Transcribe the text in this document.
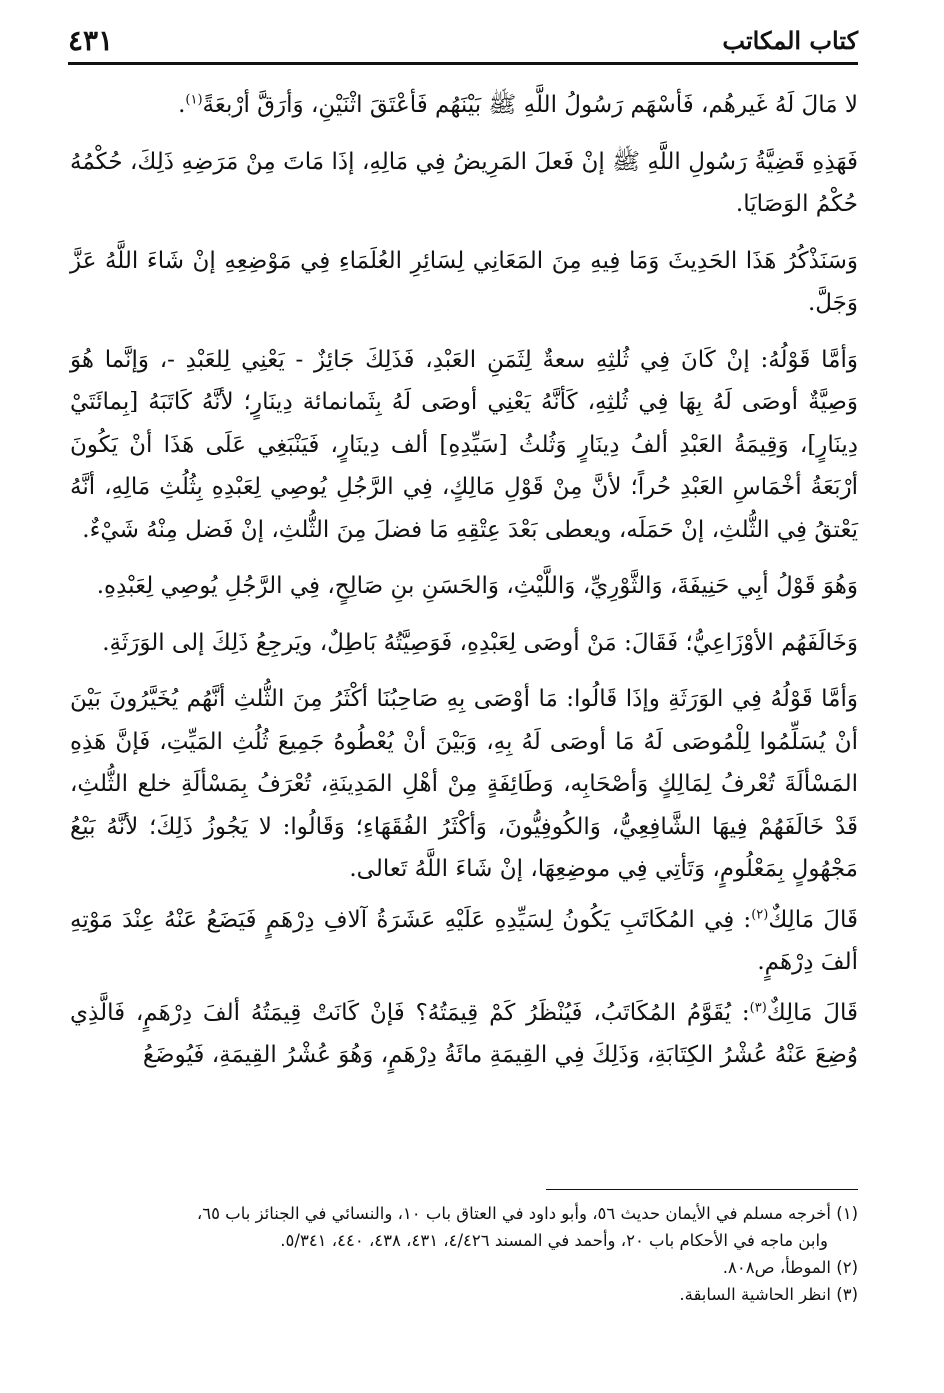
كتاب المكاتب
٤٣١

لا مَالَ لَهُ غَيرهُم، فَأسْهَم رَسُولُ اللَّهِ ﷺ بَيْنَهُم فَأعْتَقَ اثْنَيْنِ، وَأرَقَّ أرْبعَةً$^{(١)}$.

فَهَذِهِ قَضِيَّةُ رَسُولِ اللَّهِ ﷺ إنْ فَعلَ المَرِيضُ فِي مَالِهِ، إذَا مَاتَ مِنْ مَرَضِهِ ذَلِكَ، حُكْمُهُ حُكْمُ الوَصَايَا.

وَسَنَذْكُرُ هَذَا الحَدِيثَ وَمَا فِيهِ مِنَ المَعَانِي لِسَائِرِ العُلَمَاءِ فِي مَوْضِعِهِ إنْ شَاءَ اللَّهُ عَزَّ وَجَلَّ.

وَأمَّا قَوْلُهُ: إنْ كَانَ فِي ثُلثِهِ سعةٌ لِثَمَنِ العَبْدِ، فَذَلِكَ جَائِزٌ - يَعْنِي لِلعَبْدِ -، وَإنَّما هُوَ وَصِيَّةٌ أوصَى لَهُ بِهَا فِي ثُلثِهِ، كَأنَّهُ يَعْنِي أوصَى لَهُ بِثَمانمائة دِينَارٍ؛ لأنَّهُ كَاتَبَهُ [بِمائَتَيْ دِينَارٍ]، وَقِيمَةُ العَبْدِ ألفُ دِينَارٍ وَثُلثُ [سَيِّدِهِ] ألف دِينَارٍ، فَيَنْبَغِي عَلَى هَذَا أنْ يَكُونَ أرْبَعَةُ أخْمَاسِ العَبْدِ حُراً؛ لأنَّ مِنْ قَوْلِ مَالِكٍ، فِي الرَّجُلِ يُوصِي لِعَبْدِهِ بِثُلُثِ مَالِهِ، أنَّهُ يَعْتقُ فِي الثُّلثِ، إنْ حَمَلَه، ويعطى بَعْدَ عِتْقِهِ مَا فضلَ مِنَ الثُّلثِ، إنْ فَضل مِنْهُ شَيْءٌ.

وَهُوَ قَوْلُ أبِي حَنِيفَةَ، وَالثَّوْرِيِّ، وَاللَّيْثِ، وَالحَسَنِ بنِ صَالِحٍ، فِي الرَّجُلِ يُوصِي لِعَبْدِهِ.

وَخَالَفَهُم الأوْزَاعِيُّ؛ فَقَالَ: مَنْ أوصَى لِعَبْدِهِ، فَوَصِيَّتُهُ بَاطِلٌ، ويَرجِعُ ذَلِكَ إلى الوَرَثَةِ.

وَأمَّا قَوْلُهُ فِي الوَرَثَةِ وإذَا قَالُوا: مَا أوْصَى بِهِ صَاحِبُنَا أكْثَرُ مِنَ الثُّلثِ أنَّهُم يُخَيَّرُونَ بَيْنَ أنْ يُسَلِّمُوا لِلْمُوصَى لَهُ مَا أوصَى لَهُ بِهِ، وَبَيْنَ أنْ يُعْطُوهُ جَمِيعَ ثُلُثِ المَيِّتِ، فَإنَّ هَذِهِ المَسْألَةَ تُعْرفُ لِمَالِكٍ وَأصْحَابِه، وَطَائِفَةٍ مِنْ أهْلِ المَدِينَةِ، تُعْرَفُ بِمَسْألَةِ خلع الثُّلثِ، قَدْ خَالَفَهُمْ فِيهَا الشَّافِعِيُّ، وَالكُوفِيُّونَ، وَأكْثَرُ الفُقَهَاءِ؛ وَقَالُوا: لا يَجُوزُ ذَلِكَ؛ لأنَّهُ بَيْعُ مَجْهُولٍ بِمَعْلُومٍ، وَتَأتِي فِي موضِعِهَا، إنْ شَاءَ اللَّهُ تَعالى.

قَالَ مَالِكٌ$^{(٢)}$: فِي المُكَاتَبِ يَكُونُ لِسَيِّدِهِ عَلَيْهِ عَشَرَةُ آلافِ دِرْهَمٍ فَيَضَعُ عَنْهُ عِنْدَ مَوْتِهِ ألفَ دِرْهَمٍ.

قَالَ مَالِكٌ$^{(٣)}$: يُقَوَّمُ المُكَاتَبُ، فَيُنْظَرُ كَمْ قِيمَتُهُ؟ فَإنْ كَانَتْ قِيمَتُهُ ألفَ دِرْهَمٍ، فَالَّذِي وُضِعَ عَنْهُ عُشْرُ الكِتَابَةِ، وَذَلِكَ فِي القِيمَةِ مائَةُ دِرْهَمٍ، وَهُوَ عُشْرُ القِيمَةِ، فَيُوضَعُ

(١) أخرجه مسلم في الأيمان حديث ٥٦، وأبو داود في العتاق باب ١٠، والنسائي في الجنائز باب ٦٥،

وابن ماجه في الأحكام باب ٢٠، وأحمد في المسند ٤/٤٢٦، ٤٣١، ٤٣٨، ٤٤٠، ٥/٣٤١.

(٢) الموطأ، ص٨٠٨.

(٣) انظر الحاشية السابقة.
